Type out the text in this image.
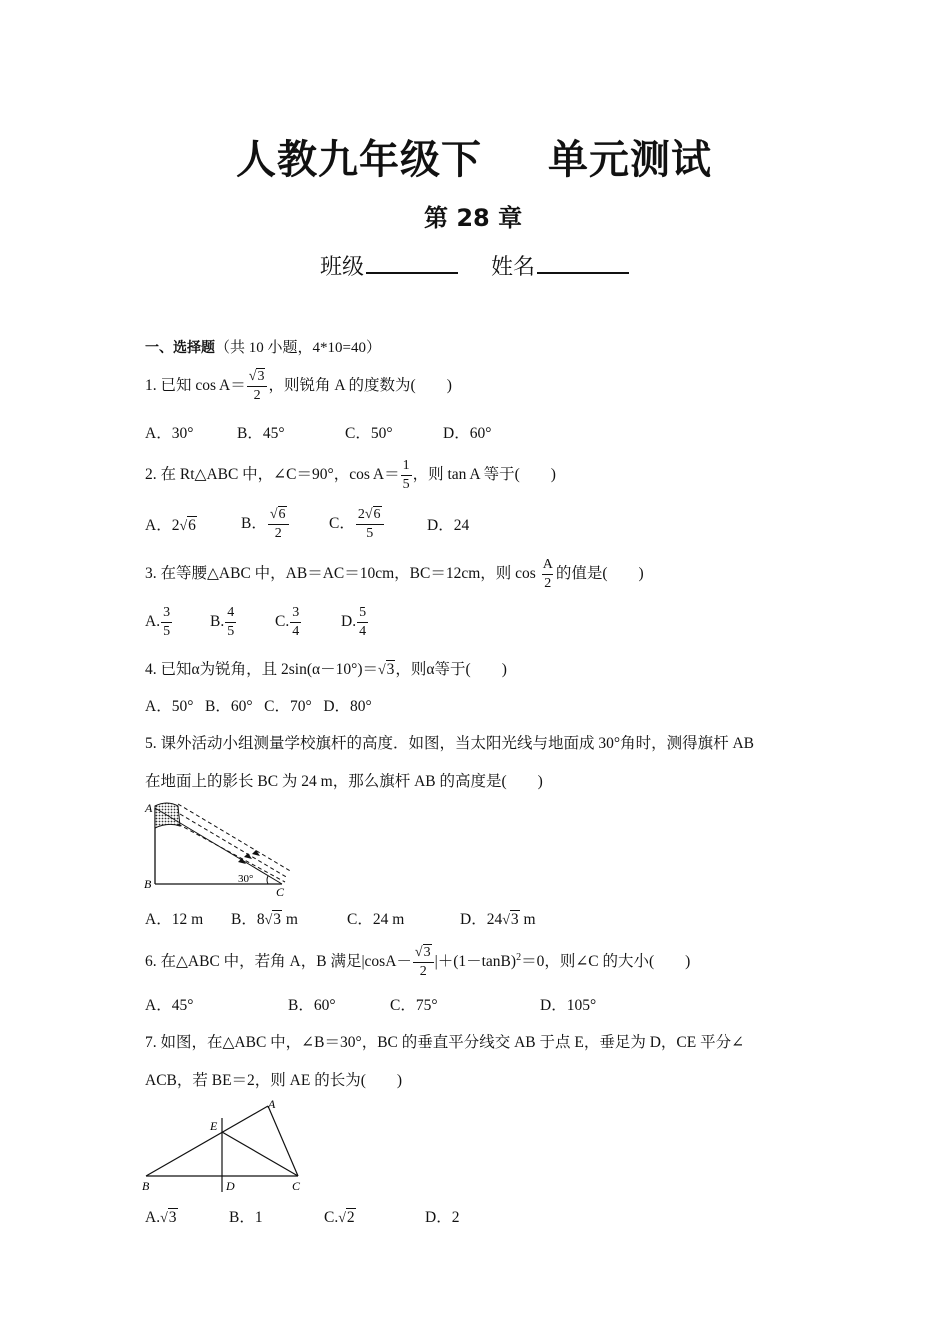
人教九年级下 单元测试
第 28 章
班级	姓名
一、选择题（共 10 小题，4*10=40）
1. 已知 $\cos A= \frac{√3}{2}$ ，则锐角 A 的度数为(　　)
A．30°	B．45°	C．50°	D．60°
2. 在 Rt△ABC 中，∠C＝90°，$\cos A= \frac{1}{5}$ ，则 tan A 等于(　　)
A．2√6	B． $\frac{√6}{2}$	C． $\frac{2√6}{5}$	D．24
3. 在等腰△ABC 中，AB＝AC＝10cm，BC＝12cm，则 $\cos \frac{A}{2}$ 的值是(　　)
A. $\frac{3}{5} B$. $\frac{4}{5}$	C. $\frac{3}{4}$	D. $\frac{5}{4}$
4. 已知α为锐角，且 2sin(α－10°)＝√3，则α等于(　　)
A．50°   B．60°   C．70°   D．80°
5. 课外活动小组测量学校旗杆的高度．如图，当太阳光线与地面成 30°角时，测得旗杆 AB
在地面上的影长 BC 为 24 m，那么旗杆 AB 的高度是(　　)
A
B
C
30°
A．12 m B．8√3 m	C．24 m	D．24√3 m
6. 在△ABC 中，若角 A，B 满足$|\cos A- \frac{√3}{2} |+(1-\tan B)^2=0$，则∠C 的大小(　　)
A．45°	B．60°	C．75°	D．105°
7. 如图，在△ABC 中，∠B＝30°，BC 的垂直平分线交 AB 于点 E，垂足为 D，CE 平分∠
ACB，若 BE＝2，则 AE 的长为(　　)
A
B	C
D
E
A.√3	B．1	C.√2	D．2
